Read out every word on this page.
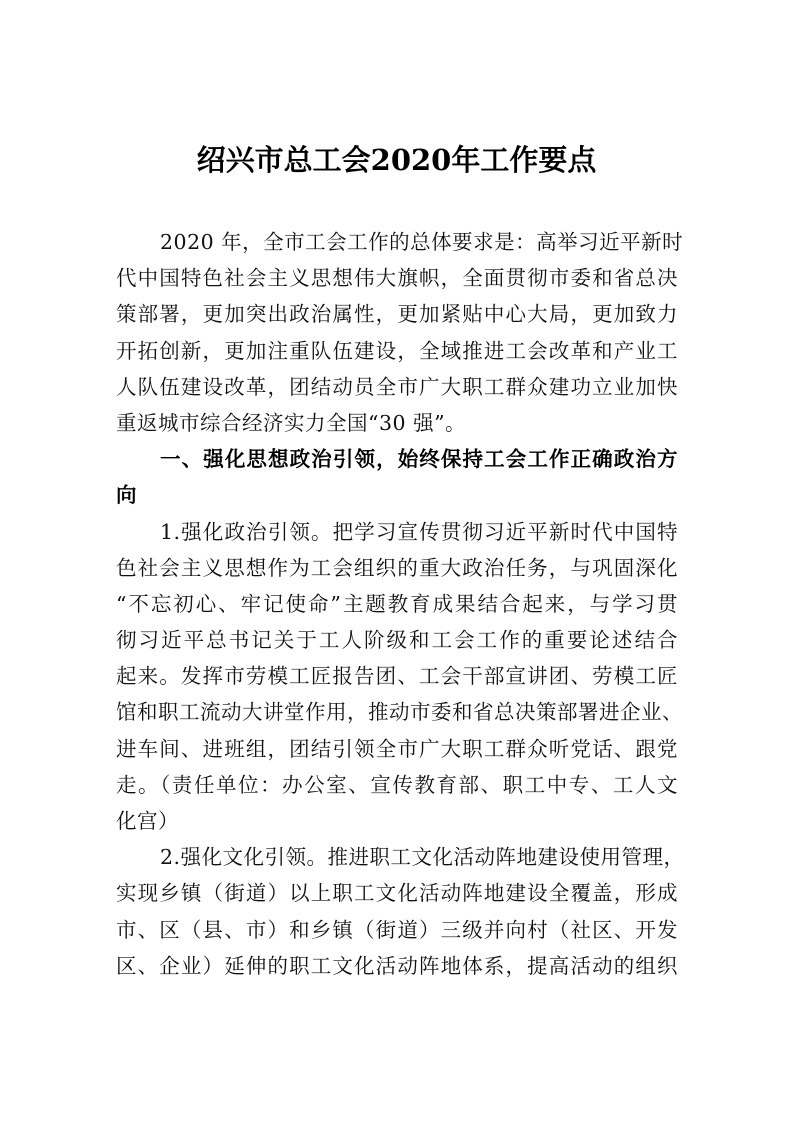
绍兴市总工会2020年工作要点
2020 年，全市工会工作的总体要求是：高举习近平新时
代中国特色社会主义思想伟大旗帜，全面贯彻市委和省总决
策部署，更加突出政治属性，更加紧贴中心大局，更加致力
开拓创新，更加注重队伍建设，全域推进工会改革和产业工
人队伍建设改革，团结动员全市广大职工群众建功立业加快
重返城市综合经济实力全国“30 强”。
一、强化思想政治引领，始终保持工会工作正确政治方
向
1.强化政治引领。把学习宣传贯彻习近平新时代中国特
色社会主义思想作为工会组织的重大政治任务，与巩固深化
“不忘初心、牢记使命”主题教育成果结合起来，与学习贯
彻习近平总书记关于工人阶级和工会工作的重要论述结合
起来。发挥市劳模工匠报告团、工会干部宣讲团、劳模工匠
馆和职工流动大讲堂作用，推动市委和省总决策部署进企业、
进车间、进班组，团结引领全市广大职工群众听党话、跟党
走。（责任单位：办公室、宣传教育部、职工中专、工人文
化宫）
2.强化文化引领。推进职工文化活动阵地建设使用管理，
实现乡镇（街道）以上职工文化活动阵地建设全覆盖，形成
市、区（县、市）和乡镇（街道）三级并向村（社区、开发
区、企业）延伸的职工文化活动阵地体系，提高活动的组织
